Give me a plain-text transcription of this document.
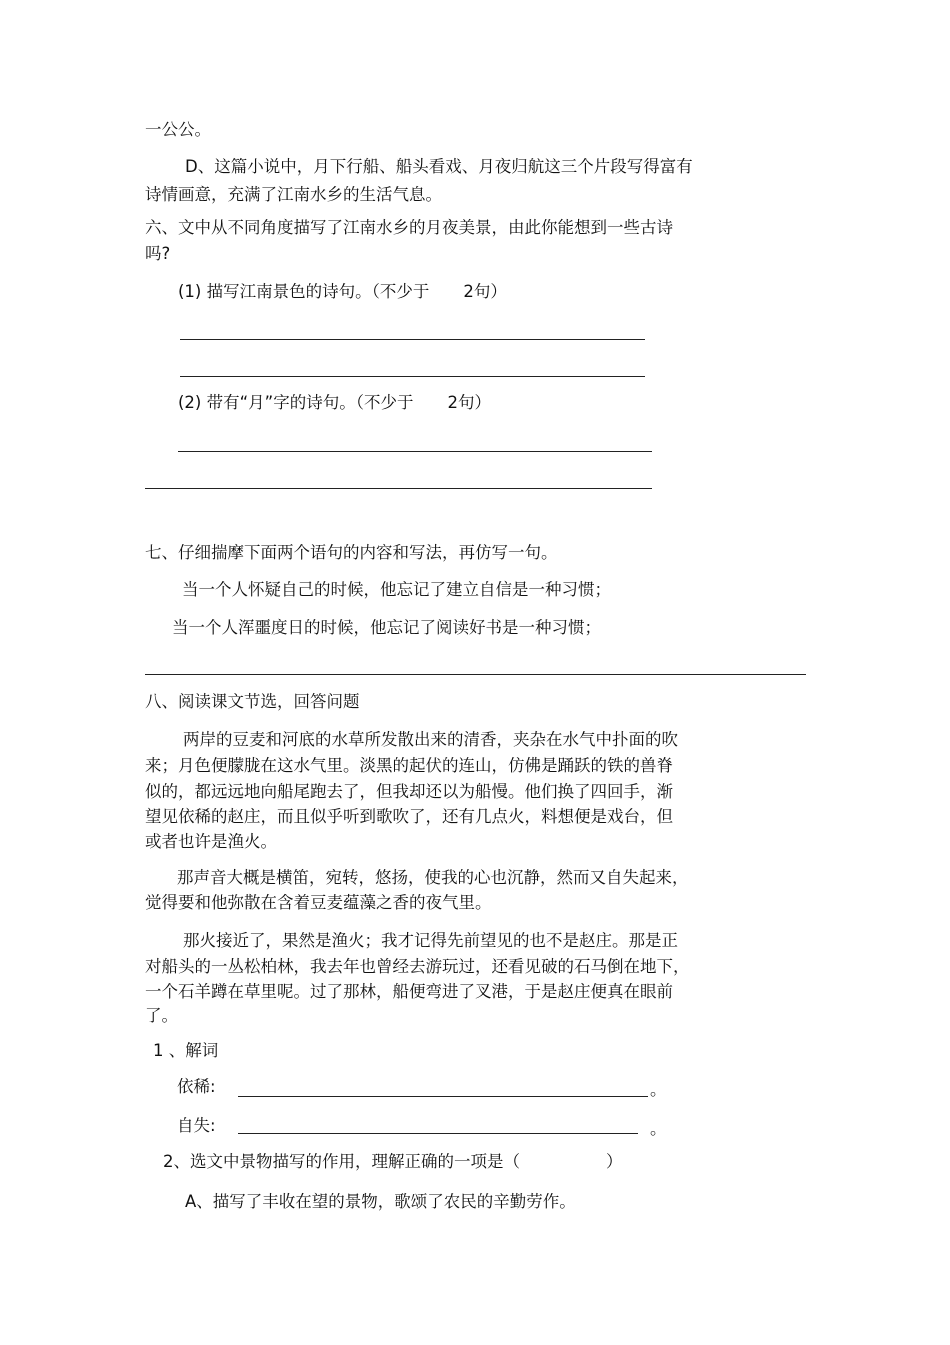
一公公。
D、这篇小说中，月下行船、船头看戏、月夜归航这三个片段写得富有
诗情画意，充满了江南水乡的生活气息。
六、文中从不同角度描写了江南水乡的月夜美景，由此你能想到一些古诗
吗?
(1) 描写江南景色的诗句。（不少于 2句）
(2) 带有“月”字的诗句。（不少于 2句）
七、仔细揣摩下面两个语句的内容和写法，再仿写一句。
当一个人怀疑自己的时候，他忘记了建立自信是一种习惯；
当一个人浑噩度日的时候，他忘记了阅读好书是一种习惯；
八、阅读课文节选，回答问题
两岸的豆麦和河底的水草所发散出来的清香，夹杂在水气中扑面的吹
来；月色便朦胧在这水气里。淡黑的起伏的连山，仿佛是踊跃的铁的兽脊
似的，都远远地向船尾跑去了，但我却还以为船慢。他们换了四回手，渐
望见依稀的赵庄，而且似乎听到歌吹了，还有几点火，料想便是戏台，但
或者也许是渔火。
那声音大概是横笛，宛转，悠扬，使我的心也沉静，然而又自失起来，
觉得要和他弥散在含着豆麦蕴藻之香的夜气里。
那火接近了，果然是渔火；我才记得先前望见的也不是赵庄。那是正
对船头的一丛松柏林，我去年也曾经去游玩过，还看见破的石马倒在地下，
一个石羊蹲在草里呢。过了那林，船便弯进了叉港，于是赵庄便真在眼前
了。
1 、解词
依稀:	。
自失:	。
2、选文中景物描写的作用，理解正确的一项是（	）
A、描写了丰收在望的景物，歌颂了农民的辛勤劳作。
